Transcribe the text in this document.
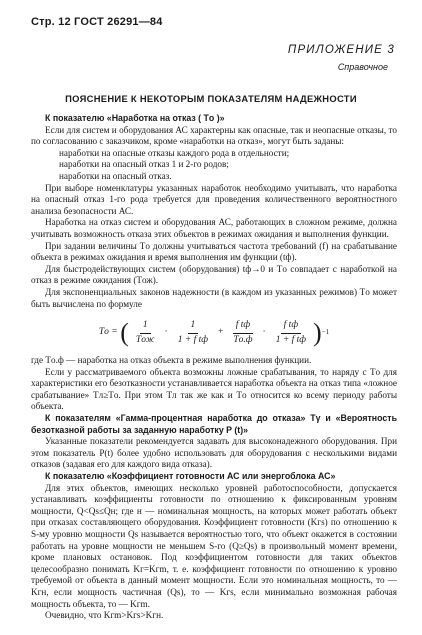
Стр. 12 ГОСТ 26291—84
ПРИЛОЖЕНИЕ 3
Справочное
ПОЯСНЕНИЕ К НЕКОТОРЫМ ПОКАЗАТЕЛЯМ НАДЕЖНОСТИ

К показателю «Наработка на отказ ( Tо )»

Если для систем и оборудования АС характерны как опасные, так и неопасные отказы, то по согласованию с заказчиком, кроме «наработки на отказ», могут быть заданы:

наработки на опасные отказы каждого рода в отдельности;

наработки на опасный отказ 1 и 2-го родов;

наработки на опасный отказ.

При выборе номенклатуры указанных наработок необходимо учитывать, что наработка на опасный отказ 1-го рода требуется для проведения количественного вероятностного анализа безопасности АС.

Наработка на отказ систем и оборудования АС, работающих в сложном режиме, должна учитывать возможность отказа этих объектов в режимах ожидания и выполнения функции.

При задании величины Tо должны учитываться частота требований (f) на срабатывание объекта в режимах ожидания и время выполнения им функции (tф).

Для быстродействующих систем (оборудования) tф→0 и Tо совпадает с наработкой на отказ в режиме ожидания (Tож).

Для экспоненциальных законов надежности (в каждом из указанных режимов) Tо может быть вычислена по формуле

Tо = ( $\frac{1}{\text{Tож}} \cdot \frac{1}{\text{1 + f tф}} + \frac{\text{f tф}}{Tо.ф} \cdot \frac{\text{f tф}}{\text{1 + f tф}}$ ) −1

где Tо.ф — наработка на отказ объекта в режиме выполнения функции.

Если у рассматриваемого объекта возможны ложные срабатывания, то наряду с Tо для характеристики его безотказности устанавливается наработка объекта на отказ типа «ложное срабатывание» Tл≥Tо. При этом Tл так же как и Tо относится ко всему периоду работы объекта.

К показателям «Гамма-процентная наработка до отказа» Tγ и «Вероятность безотказной работы за заданную наработку P (t)»

Указанные показатели рекомендуется задавать для высоконадежного оборудования. При этом показатель P(t) более удобно использовать для оборудования с несколькими видами отказов (задавая его для каждого вида отказа).

К показателю «Коэффициент готовности АС или энергоблока АС»

Для этих объектов, имеющих несколько уровней работоспособности, допускается устанавливать коэффициенты готовности по отношению к фиксированным уровням мощности, Q<Qs≤Qн; где н — номинальная мощность, на которых может работать объект при отказах составляющего оборудования. Коэффициент готовности (Kгs) по отношению к S-му уровню мощности Qs называется вероятностью того, что объект окажется в состоянии работать на уровне мощности не меньшем S-го (Q≥Qs) в произвольный момент времени, кроме плановых остановок. Под коэффициентом готовности для таких объектов целесообразно понимать Kг=Kгm, т. е. коэффициент готовности по отношению к уровню требуемой от объекта в данный момент мощности. Если это номинальная мощность, то — Kгн, если мощность частичная (Qs), то — Kгs, если минимально возможная рабочая мощность объекта, то — Kгm.

Очевидно, что Kгm>Kгs>Kгн.
